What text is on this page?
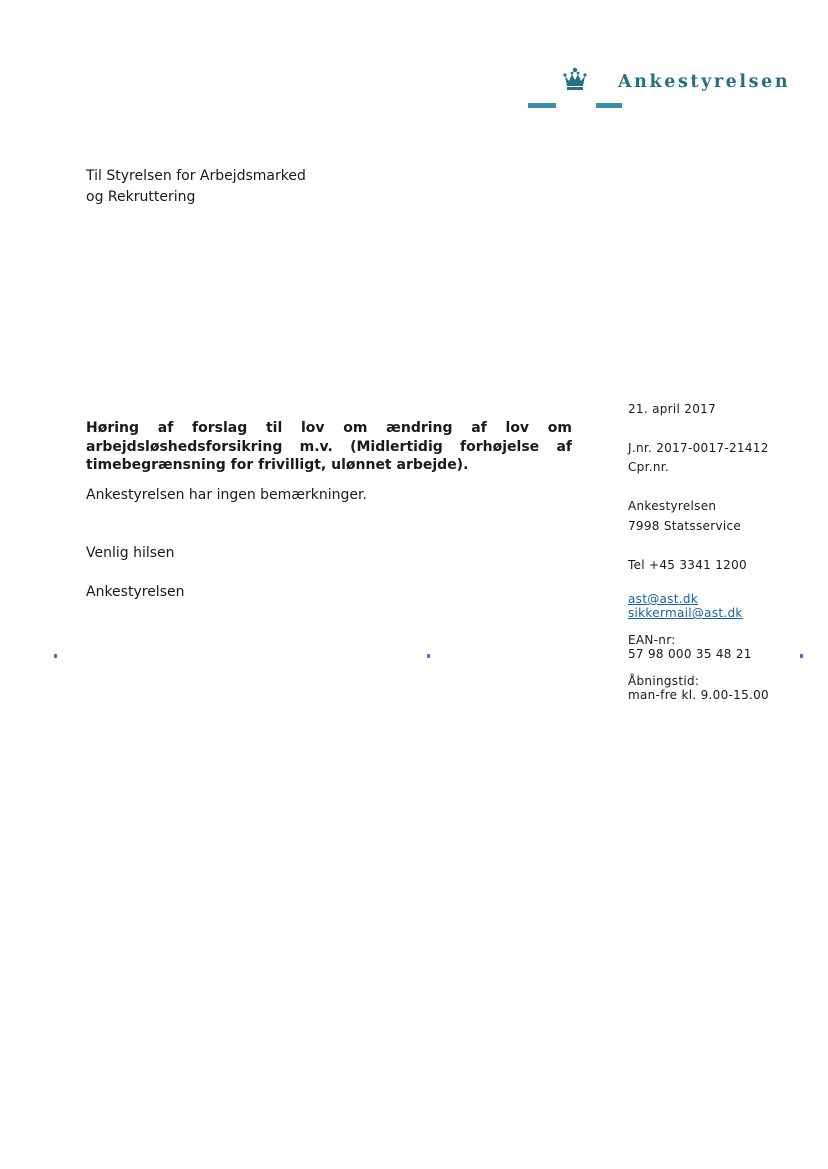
Ankestyrelsen
Til Styrelsen for Arbejdsmarked
og Rekruttering
Høring af forslag til lov om ændring af lov om
arbejdsløshedsforsikring m.v. (Midlertidig forhøjelse af
timebegrænsning for frivilligt, ulønnet arbejde).
Ankestyrelsen har ingen bemærkninger.
Venlig hilsen
Ankestyrelsen
21. april 2017
J.nr. 2017-0017-21412
Cpr.nr.
Ankestyrelsen
7998 Statsservice
Tel +45 3341 1200
ast@ast.dk
sikkermail@ast.dk
EAN-nr:
57 98 000 35 48 21
Åbningstid:
man-fre kl. 9.00-15.00
